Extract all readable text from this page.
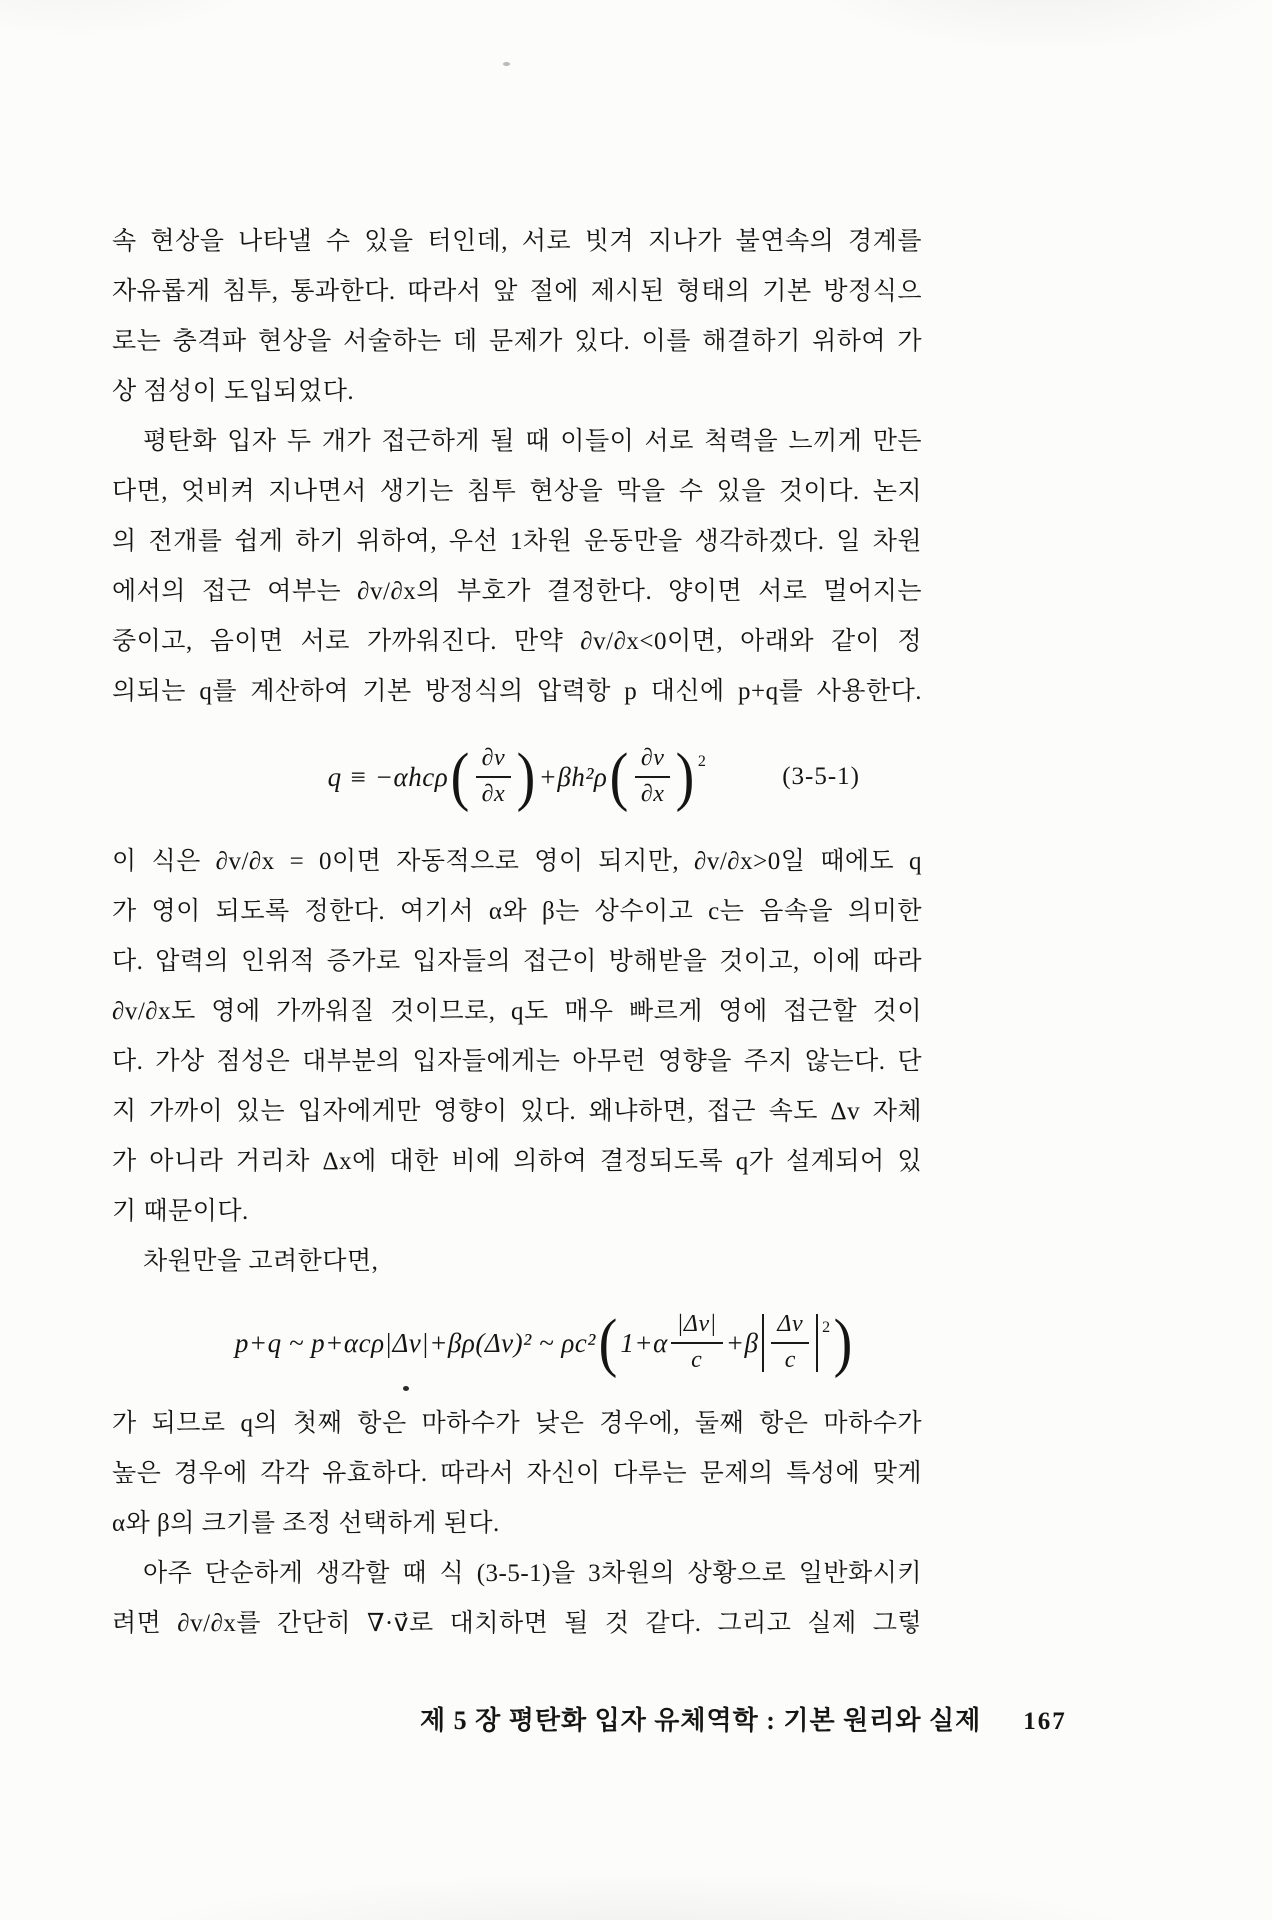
속 현상을 나타낼 수 있을 터인데, 서로 빗겨 지나가 불연속의 경계를
자유롭게 침투, 통과한다. 따라서 앞 절에 제시된 형태의 기본 방정식으
로는 충격파 현상을 서술하는 데 문제가 있다. 이를 해결하기 위하여 가
상 점성이 도입되었다.
평탄화 입자 두 개가 접근하게 될 때 이들이 서로 척력을 느끼게 만든
다면, 엇비켜 지나면서 생기는 침투 현상을 막을 수 있을 것이다. 논지
의 전개를 쉽게 하기 위하여, 우선 1차원 운동만을 생각하겠다. 일 차원
에서의 접근 여부는 ∂v/∂x의 부호가 결정한다. 양이면 서로 멀어지는
중이고, 음이면 서로 가까워진다. 만약 ∂v/∂x<0이면, 아래와 같이 정
의되는 q를 계산하여 기본 방정식의 압력항 p 대신에 p+q를 사용한다.
q ≡ −αhcρ ( $\frac{\partial v}{\partial x}$ ) +βh²ρ ( $\frac{\partial v}{\partial x}$ ) 2
(3-5-1)
이 식은 ∂v/∂x = 0이면 자동적으로 영이 되지만, ∂v/∂x>0일 때에도 q
가 영이 되도록 정한다. 여기서 α와 β는 상수이고 c는 음속을 의미한
다. 압력의 인위적 증가로 입자들의 접근이 방해받을 것이고, 이에 따라
∂v/∂x도 영에 가까워질 것이므로, q도 매우 빠르게 영에 접근할 것이
다. 가상 점성은 대부분의 입자들에게는 아무런 영향을 주지 않는다. 단
지 가까이 있는 입자에게만 영향이 있다. 왜냐하면, 접근 속도 Δv 자체
가 아니라 거리차 Δx에 대한 비에 의하여 결정되도록 q가 설계되어 있
기 때문이다.
차원만을 고려한다면,
p+q ~ p+αcρ|Δv|+βρ(Δv)² ~ ρc² ( $1+\alpha \frac{|\Delta v|}{c} +\beta \frac{\Delta v}{c} 2$ )
가 되므로 q의 첫째 항은 마하수가 낮은 경우에, 둘째 항은 마하수가
높은 경우에 각각 유효하다. 따라서 자신이 다루는 문제의 특성에 맞게
α와 β의 크기를 조정 선택하게 된다.
아주 단순하게 생각할 때 식 (3-5-1)을 3차원의 상황으로 일반화시키
려면 ∂v/∂x를 간단히 ∇·v⃗로 대치하면 될 것 같다. 그리고 실제 그렇
제 5 장 평탄화 입자 유체역학 : 기본 원리와 실제 167
